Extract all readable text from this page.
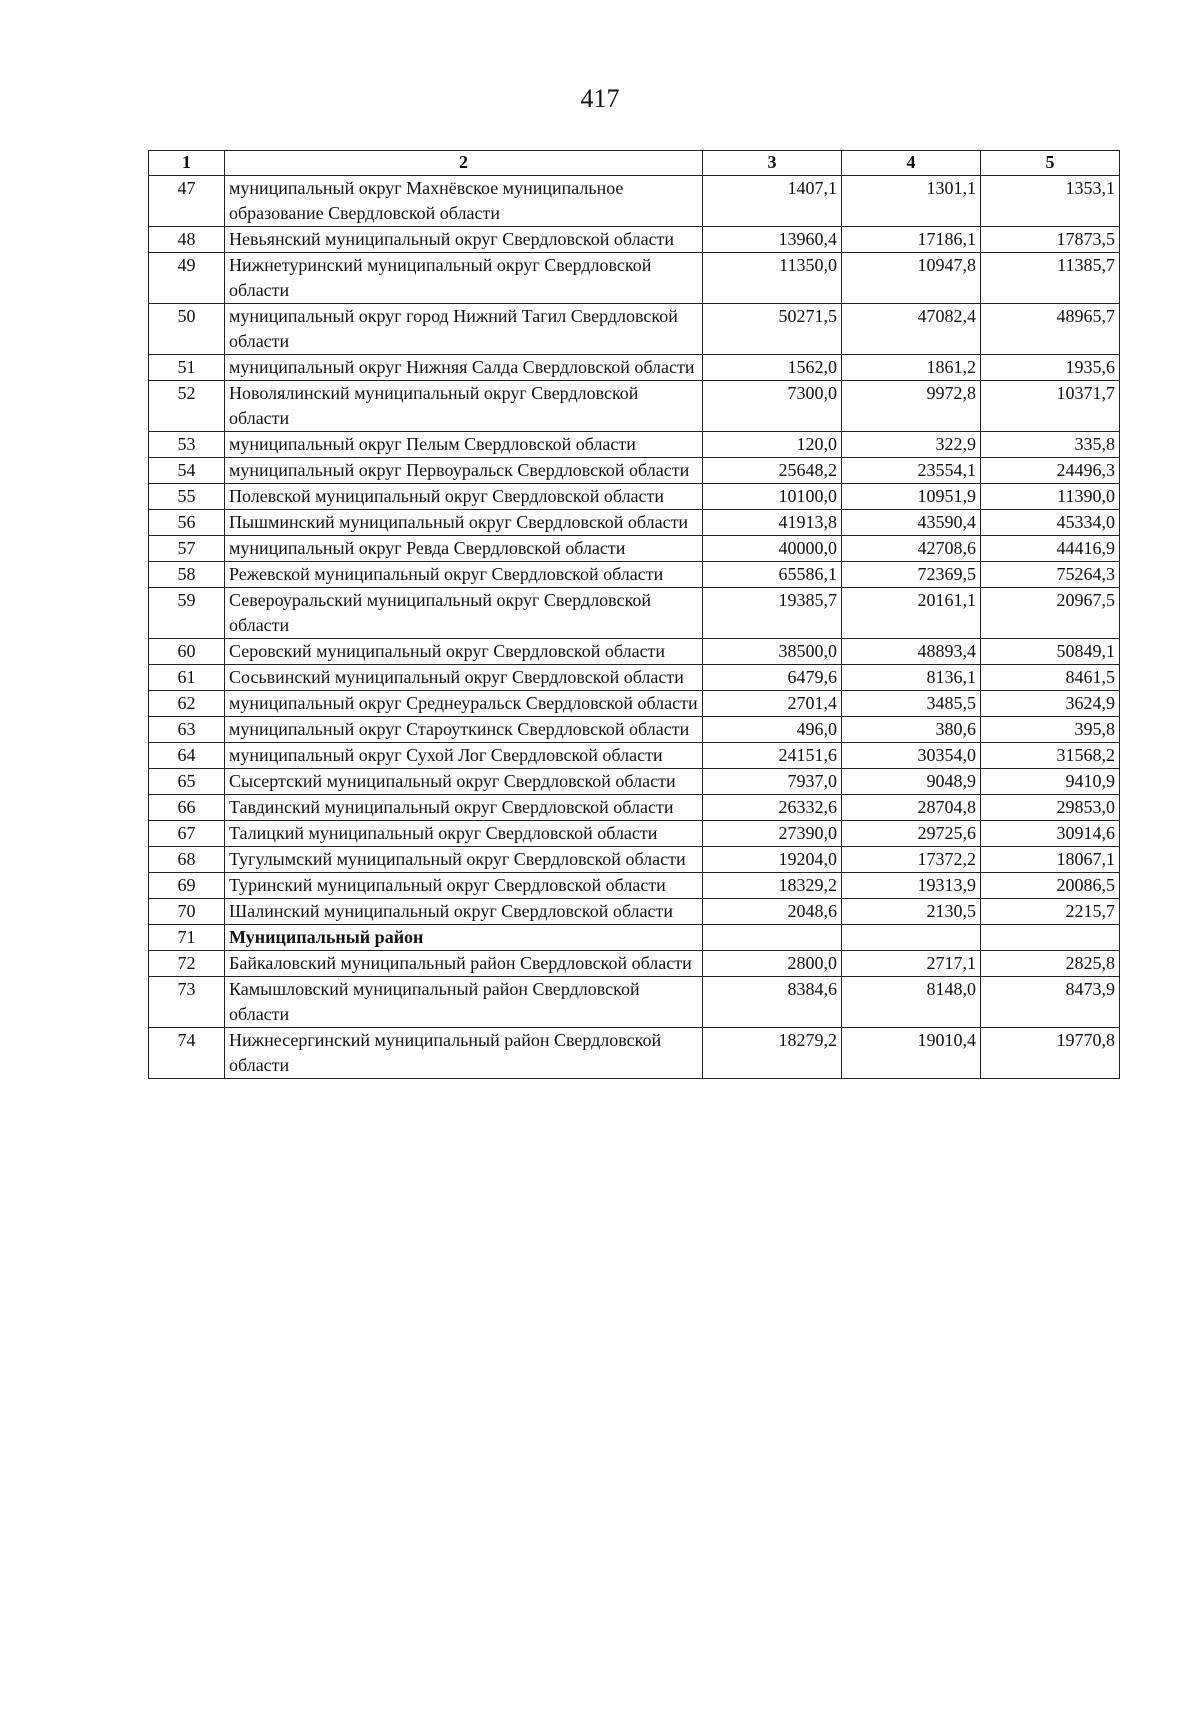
417
1	2	3	4	5
47	муниципальный округ Махнёвское муниципальное образование Свердловской области	1407,1	1301,1	1353,1
48	Невьянский муниципальный округ Свердловской области	13960,4	17186,1	17873,5
49	Нижнетуринский муниципальный округ Свердловской области	11350,0	10947,8	11385,7
50	муниципальный округ город Нижний Тагил Свердловской области	50271,5	47082,4	48965,7
51	муниципальный округ Нижняя Салда Свердловской области	1562,0	1861,2	1935,6
52	Новолялинский муниципальный округ Свердловской области	7300,0	9972,8	10371,7
53	муниципальный округ Пелым Свердловской области	120,0	322,9	335,8
54	муниципальный округ Первоуральск Свердловской области	25648,2	23554,1	24496,3
55	Полевской муниципальный округ Свердловской области	10100,0	10951,9	11390,0
56	Пышминский муниципальный округ Свердловской области	41913,8	43590,4	45334,0
57	муниципальный округ Ревда Свердловской области	40000,0	42708,6	44416,9
58	Режевской муниципальный округ Свердловской области	65586,1	72369,5	75264,3
59	Североуральский муниципальный округ Свердловской области	19385,7	20161,1	20967,5
60	Серовский муниципальный округ Свердловской области	38500,0	48893,4	50849,1
61	Сосьвинский муниципальный округ Свердловской области	6479,6	8136,1	8461,5
62	муниципальный округ Среднеуральск Свердловской области	2701,4	3485,5	3624,9
63	муниципальный округ Староуткинск Свердловской области	496,0	380,6	395,8
64	муниципальный округ Сухой Лог Свердловской области	24151,6	30354,0	31568,2
65	Сысертский муниципальный округ Свердловской области	7937,0	9048,9	9410,9
66	Тавдинский муниципальный округ Свердловской области	26332,6	28704,8	29853,0
67	Талицкий муниципальный округ Свердловской области	27390,0	29725,6	30914,6
68	Тугулымский муниципальный округ Свердловской области	19204,0	17372,2	18067,1
69	Туринский муниципальный округ Свердловской области	18329,2	19313,9	20086,5
70	Шалинский муниципальный округ Свердловской области	2048,6	2130,5	2215,7
71	Муниципальный район			
72	Байкаловский муниципальный район Свердловской области	2800,0	2717,1	2825,8
73	Камышловский муниципальный район Свердловской области	8384,6	8148,0	8473,9
74	Нижнесергинский муниципальный район Свердловской области	18279,2	19010,4	19770,8
